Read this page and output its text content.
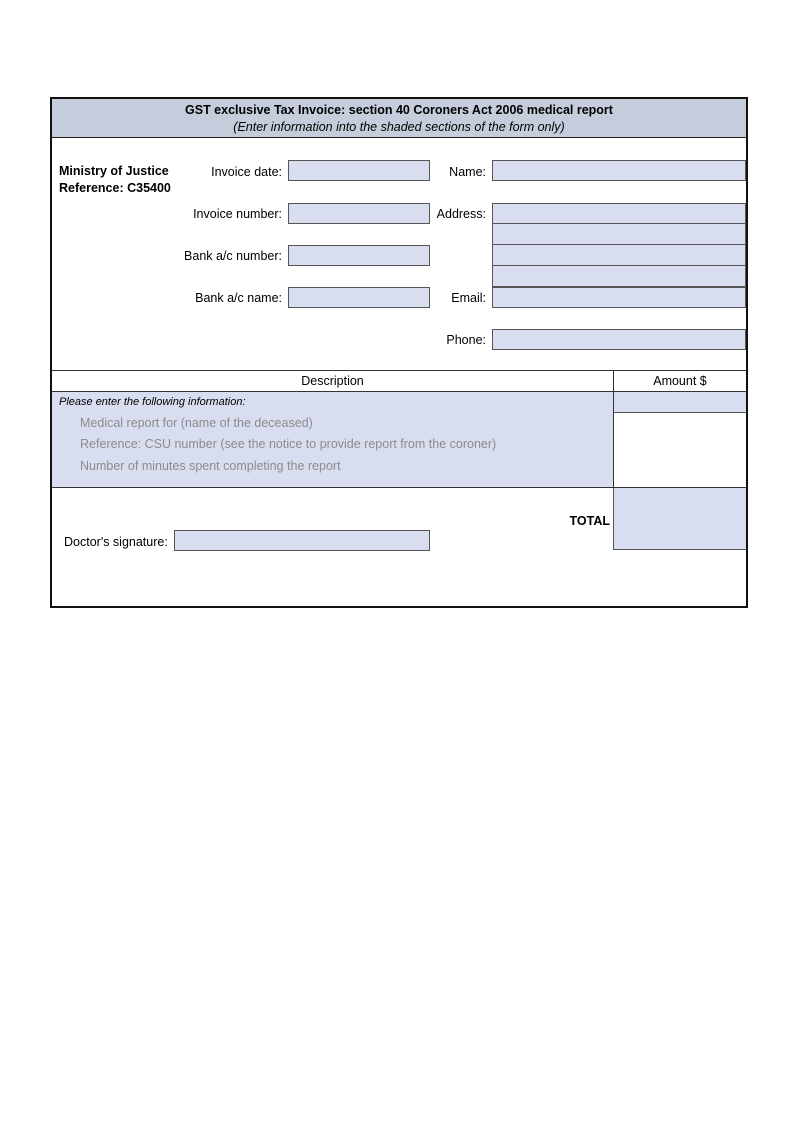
GST exclusive Tax Invoice: section 40 Coroners Act 2006 medical report
(Enter information into the shaded sections of the form only)
Ministry of Justice
Reference: C35400
Invoice date:
Invoice number:
Bank a/c number:
Bank a/c name:
Name:
Address:
Email:
Phone:
Description	Amount $
Please enter the following information:
Medical report for (name of the deceased)
Reference: CSU number (see the notice to provide report from the coroner)
Number of minutes spent completing the report
TOTAL
Doctor's signature:
